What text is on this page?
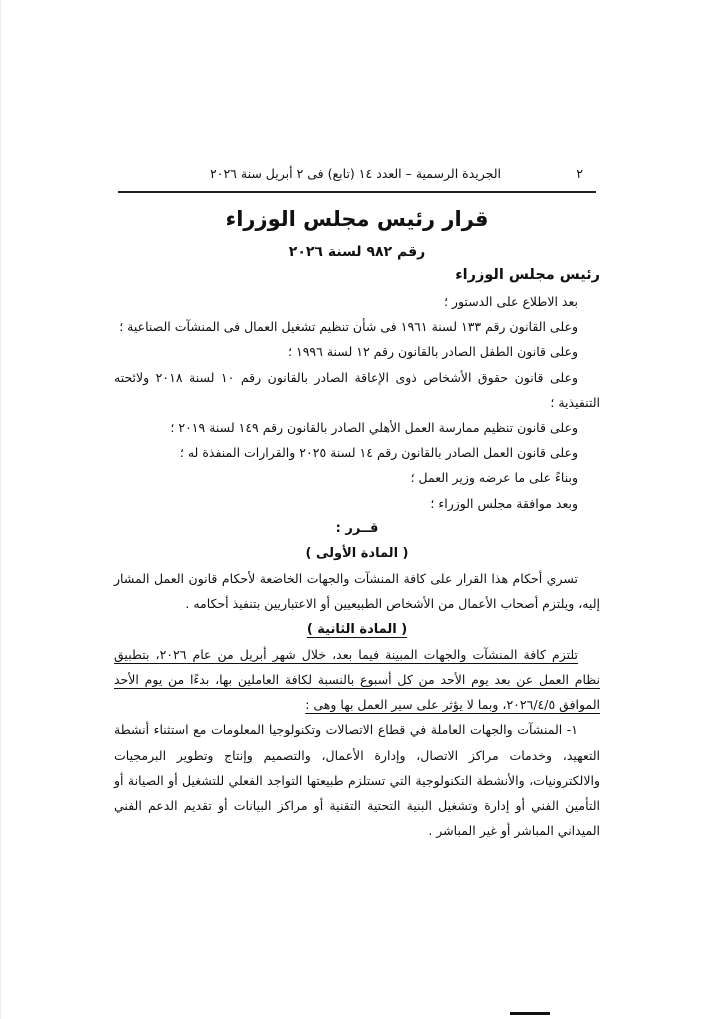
٢
الجريدة الرسمية – العدد ١٤ (تابع) فى ٢ أبريل سنة ٢٠٢٦
قرار رئيس مجلس الوزراء
رقم ٩٨٢ لسنة ٢٠٢٦

رئيس مجلس الوزراء

بعد الاطلاع على الدستور ؛

وعلى القانون رقم ١٣٣ لسنة ١٩٦١ فى شأن تنظيم تشغيل العمال فى المنشآت الصناعية ؛

وعلى قانون الطفل الصادر بالقانون رقم ١٢ لسنة ١٩٩٦ ؛

وعلى قانون حقوق الأشخاص ذوى الإعاقة الصادر بالقانون رقم ١٠ لسنة ٢٠١٨ ولائحته التنفيذية ؛

وعلى قانون تنظيم ممارسة العمل الأهلي الصادر بالقانون رقم ١٤٩ لسنة ٢٠١٩ ؛

وعلى قانون العمل الصادر بالقانون رقم ١٤ لسنة ٢٠٢٥ والقرارات المنفذة له ؛

وبناءً على ما عرضه وزير العمل ؛

وبعد موافقة مجلس الوزراء ؛

قــرر :

( المادة الأولى )

تسري أحكام هذا القرار على كافة المنشآت والجهات الخاضعة لأحكام قانون العمل المشار إليه، ويلتزم أصحاب الأعمال من الأشخاص الطبيعيين أو الاعتباريين بتنفيذ أحكامه .

( المادة الثانية )

تلتزم كافة المنشآت والجهات المبينة فيما بعد، خلال شهر أبريل من عام ٢٠٢٦، بتطبيق نظام العمل عن بعد يوم الأحد من كل أسبوع بالنسبة لكافة العاملين بها، بدءًا من يوم الأحد الموافق ٢٠٢٦/٤/٥، وبما لا يؤثر على سير العمل بها وهى :

١- المنشآت والجهات العاملة في قطاع الاتصالات وتكنولوجيا المعلومات مع استثناء أنشطة التعهيد، وخدمات مراكز الاتصال، وإدارة الأعمال، والتصميم وإنتاج وتطوير البرمجيات والالكترونيات، والأنشطة التكنولوجية التي تستلزم طبيعتها التواجد الفعلي للتشغيل أو الصيانة أو التأمين الفني أو إدارة وتشغيل البنية التحتية التقنية أو مراكز البيانات أو تقديم الدعم الفني الميداني المباشر أو غير المباشر .
